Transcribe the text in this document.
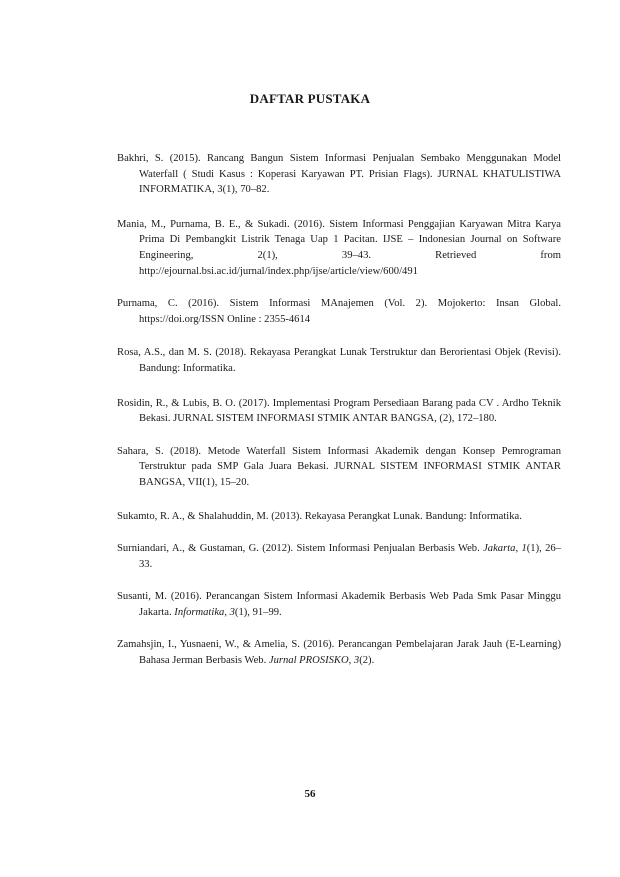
DAFTAR PUSTAKA

Bakhri, S. (2015). Rancang Bangun Sistem Informasi Penjualan Sembako Menggunakan Model Waterfall ( Studi Kasus : Koperasi Karyawan PT. Prisian Flags). JURNAL KHATULISTIWA INFORMATIKA, 3(1), 70–82.

Mania, M., Purnama, B. E., & Sukadi. (2016). Sistem Informasi Penggajian Karyawan Mitra Karya Prima Di Pembangkit Listrik Tenaga Uap 1 Pacitan. IJSE – Indonesian Journal on Software Engineering, 2(1), 39–43. Retrieved from http://ejournal.bsi.ac.id/jurnal/index.php/ijse/article/view/600/491

Purnama, C. (2016). Sistem Informasi MAnajemen (Vol. 2). Mojokerto: Insan Global. https://doi.org/ISSN Online : 2355-4614

Rosa, A.S., dan M. S. (2018). Rekayasa Perangkat Lunak Terstruktur dan Berorientasi Objek (Revisi). Bandung: Informatika.

Rosidin, R., & Lubis, B. O. (2017). Implementasi Program Persediaan Barang pada CV . Ardho Teknik Bekasi. JURNAL SISTEM INFORMASI STMIK ANTAR BANGSA, (2), 172–180.

Sahara, S. (2018). Metode Waterfall Sistem Informasi Akademik dengan Konsep Pemrograman Terstruktur pada SMP Gala Juara Bekasi. JURNAL SISTEM INFORMASI STMIK ANTAR BANGSA, VII(1), 15–20.

Sukamto, R. A., & Shalahuddin, M. (2013). Rekayasa Perangkat Lunak. Bandung: Informatika.

Surniandari, A., & Gustaman, G. (2012). Sistem Informasi Penjualan Berbasis Web. Jakarta, 1(1), 26–33.

Susanti, M. (2016). Perancangan Sistem Informasi Akademik Berbasis Web Pada Smk Pasar Minggu Jakarta. Informatika, 3(1), 91–99.

Zamahsjin, I., Yusnaeni, W., & Amelia, S. (2016). Perancangan Pembelajaran Jarak Jauh (E-Learning) Bahasa Jerman Berbasis Web. Jurnal PROSISKO, 3(2).

56
